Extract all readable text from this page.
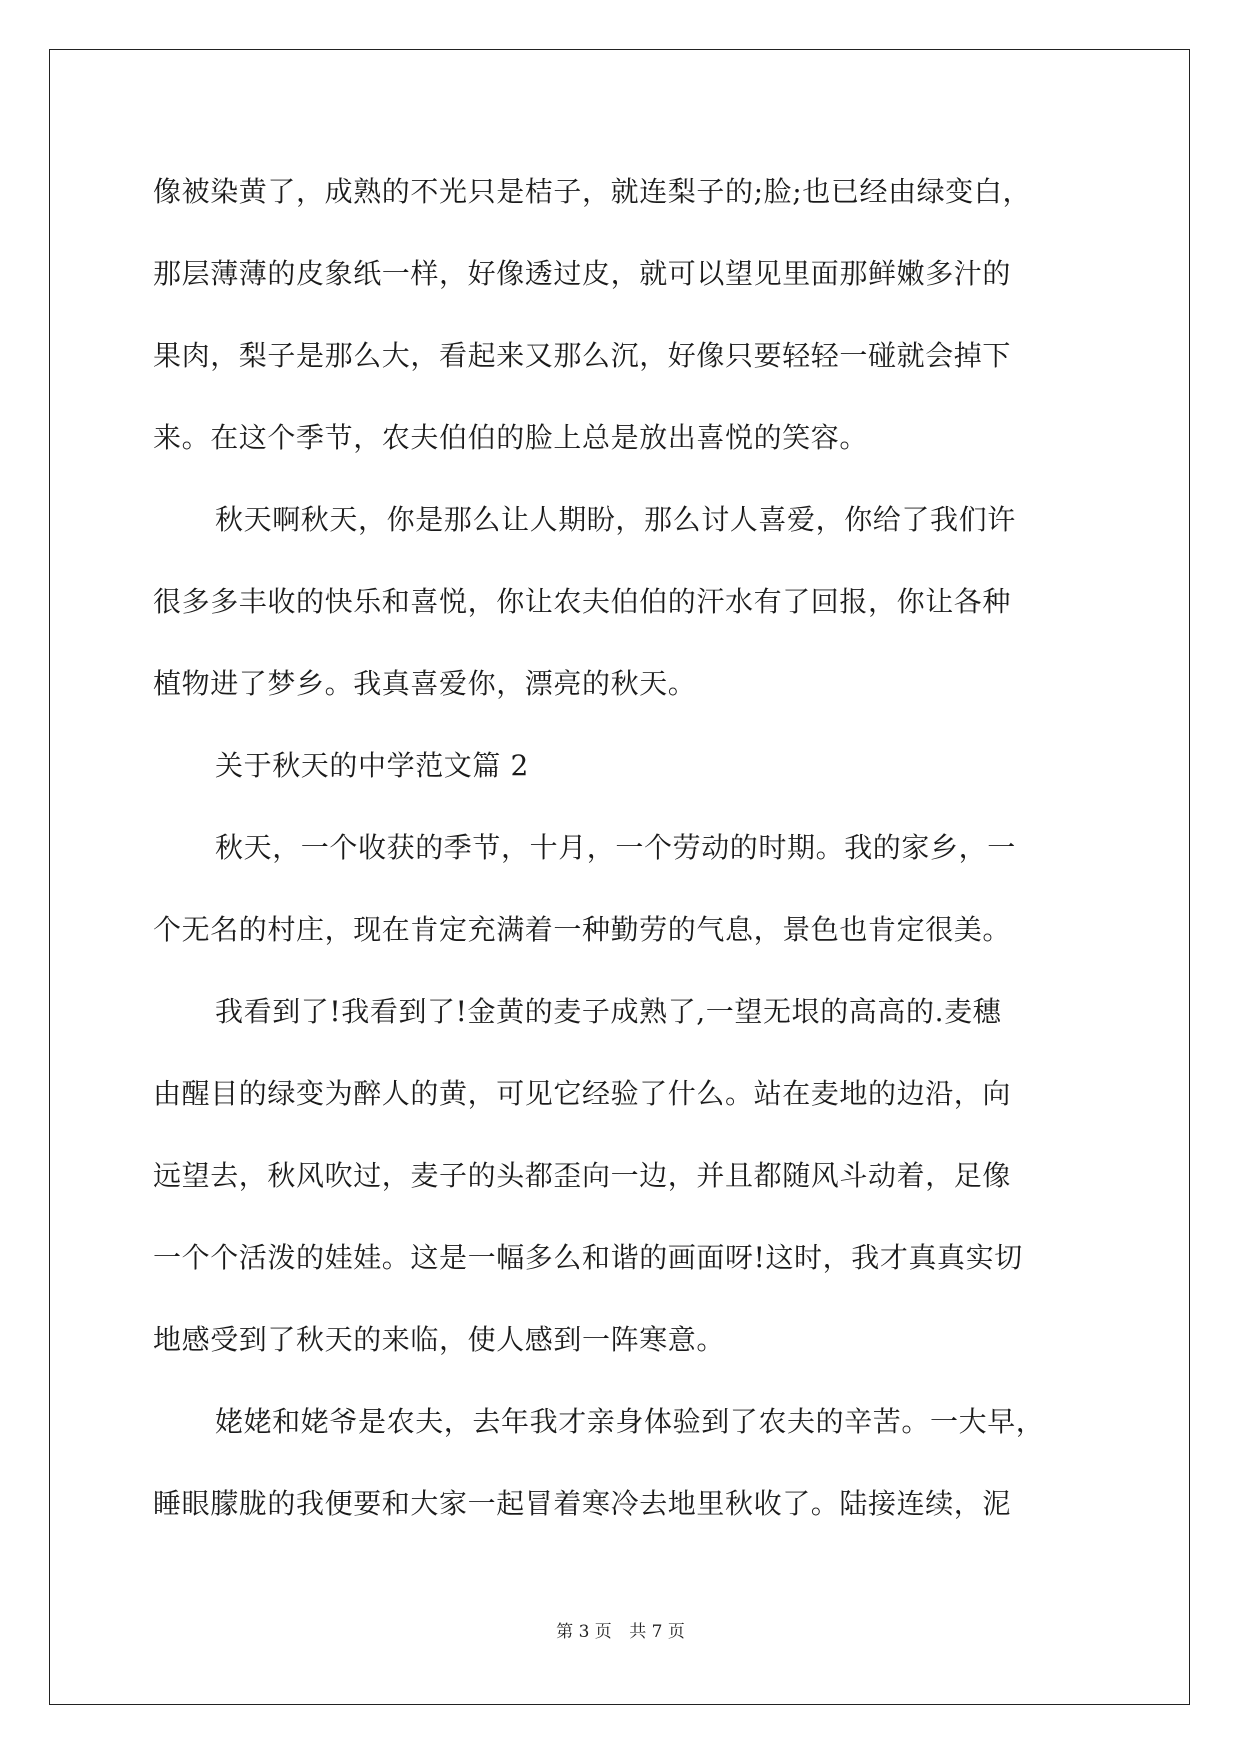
像被染黄了，成熟的不光只是桔子，就连梨子的;脸;也已经由绿变白，
那层薄薄的皮象纸一样，好像透过皮，就可以望见里面那鲜嫩多汁的
果肉，梨子是那么大，看起来又那么沉，好像只要轻轻一碰就会掉下
来。在这个季节，农夫伯伯的脸上总是放出喜悦的笑容。
秋天啊秋天，你是那么让人期盼，那么讨人喜爱，你给了我们许
很多多丰收的快乐和喜悦，你让农夫伯伯的汗水有了回报，你让各种
植物进了梦乡。我真喜爱你，漂亮的秋天。
关于秋天的中学范文篇 2
秋天，一个收获的季节，十月，一个劳动的时期。我的家乡，一
个无名的村庄，现在肯定充满着一种勤劳的气息，景色也肯定很美。
我看到了!我看到了!金黄的麦子成熟了,一望无垠的高高的.麦穗
由醒目的绿变为醉人的黄，可见它经验了什么。站在麦地的边沿，向
远望去，秋风吹过，麦子的头都歪向一边，并且都随风斗动着，足像
一个个活泼的娃娃。这是一幅多么和谐的画面呀!这时，我才真真实切
地感受到了秋天的来临，使人感到一阵寒意。
姥姥和姥爷是农夫，去年我才亲身体验到了农夫的辛苦。一大早，
睡眼朦胧的我便要和大家一起冒着寒冷去地里秋收了。陆接连续，泥
第 3 页 共 7 页
